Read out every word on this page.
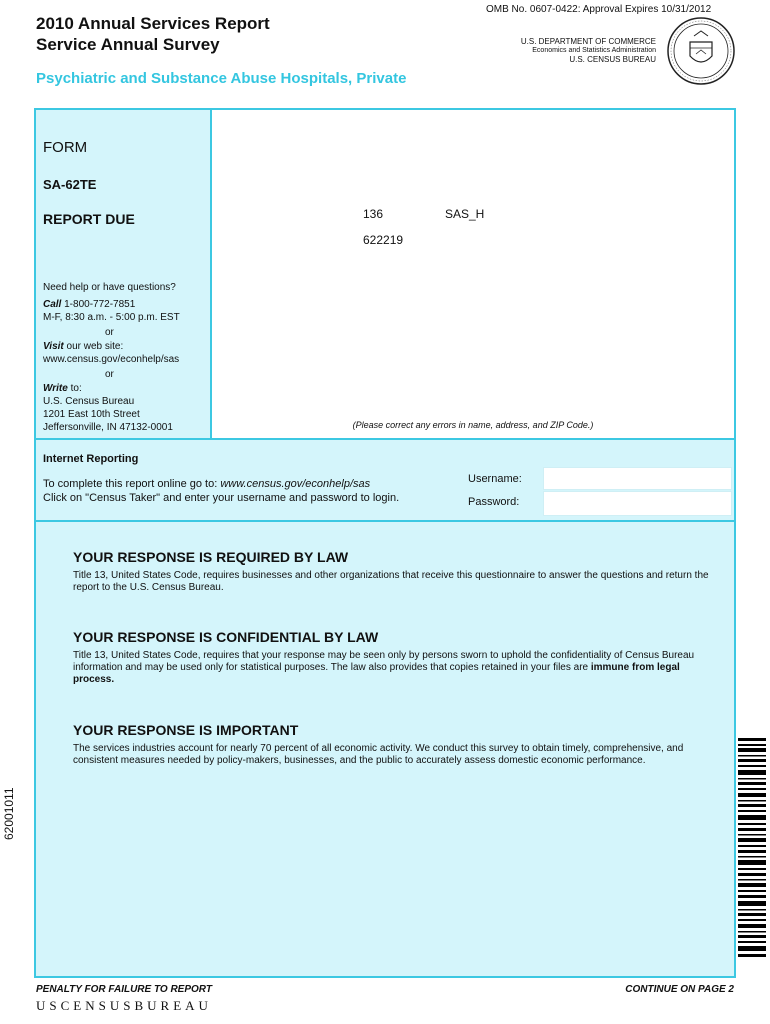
2010 Annual Services Report
Service Annual Survey
OMB No. 0607-0422: Approval Expires 10/31/2012
U.S. DEPARTMENT OF COMMERCE
Economics and Statistics Administration
U.S. CENSUS BUREAU
Psychiatric and Substance Abuse Hospitals, Private
FORM
SA-62TE
REPORT DUE
Need help or have questions?
Call 1-800-772-7851
M-F, 8:30 a.m. - 5:00 p.m. EST
or
Visit our web site:
www.census.gov/econhelp/sas
or
Write to:
U.S. Census Bureau
1201 East 10th Street
Jeffersonville, IN 47132-0001
136	SAS_H
622219
(Please correct any errors in name, address, and ZIP Code.)
Internet Reporting
To complete this report online go to: www.census.gov/econhelp/sas
Click on "Census Taker" and enter your username and password to login.
Username:
Password:
YOUR RESPONSE IS REQUIRED BY LAW
Title 13, United States Code, requires businesses and other organizations that receive this questionnaire to answer the questions and return the report to the U.S. Census Bureau.
YOUR RESPONSE IS CONFIDENTIAL BY LAW
Title 13, United States Code, requires that your response may be seen only by persons sworn to uphold the confidentiality of Census Bureau information and may be used only for statistical purposes. The law also provides that copies retained in your files are immune from legal process.
YOUR RESPONSE IS IMPORTANT
The services industries account for nearly 70 percent of all economic activity. We conduct this survey to obtain timely, comprehensive, and consistent measures needed by policy-makers, businesses, and the public to accurately assess domestic economic performance.
62001011
PENALTY FOR FAILURE TO REPORT	CONTINUE ON PAGE 2
USCENSUSBUREAU
